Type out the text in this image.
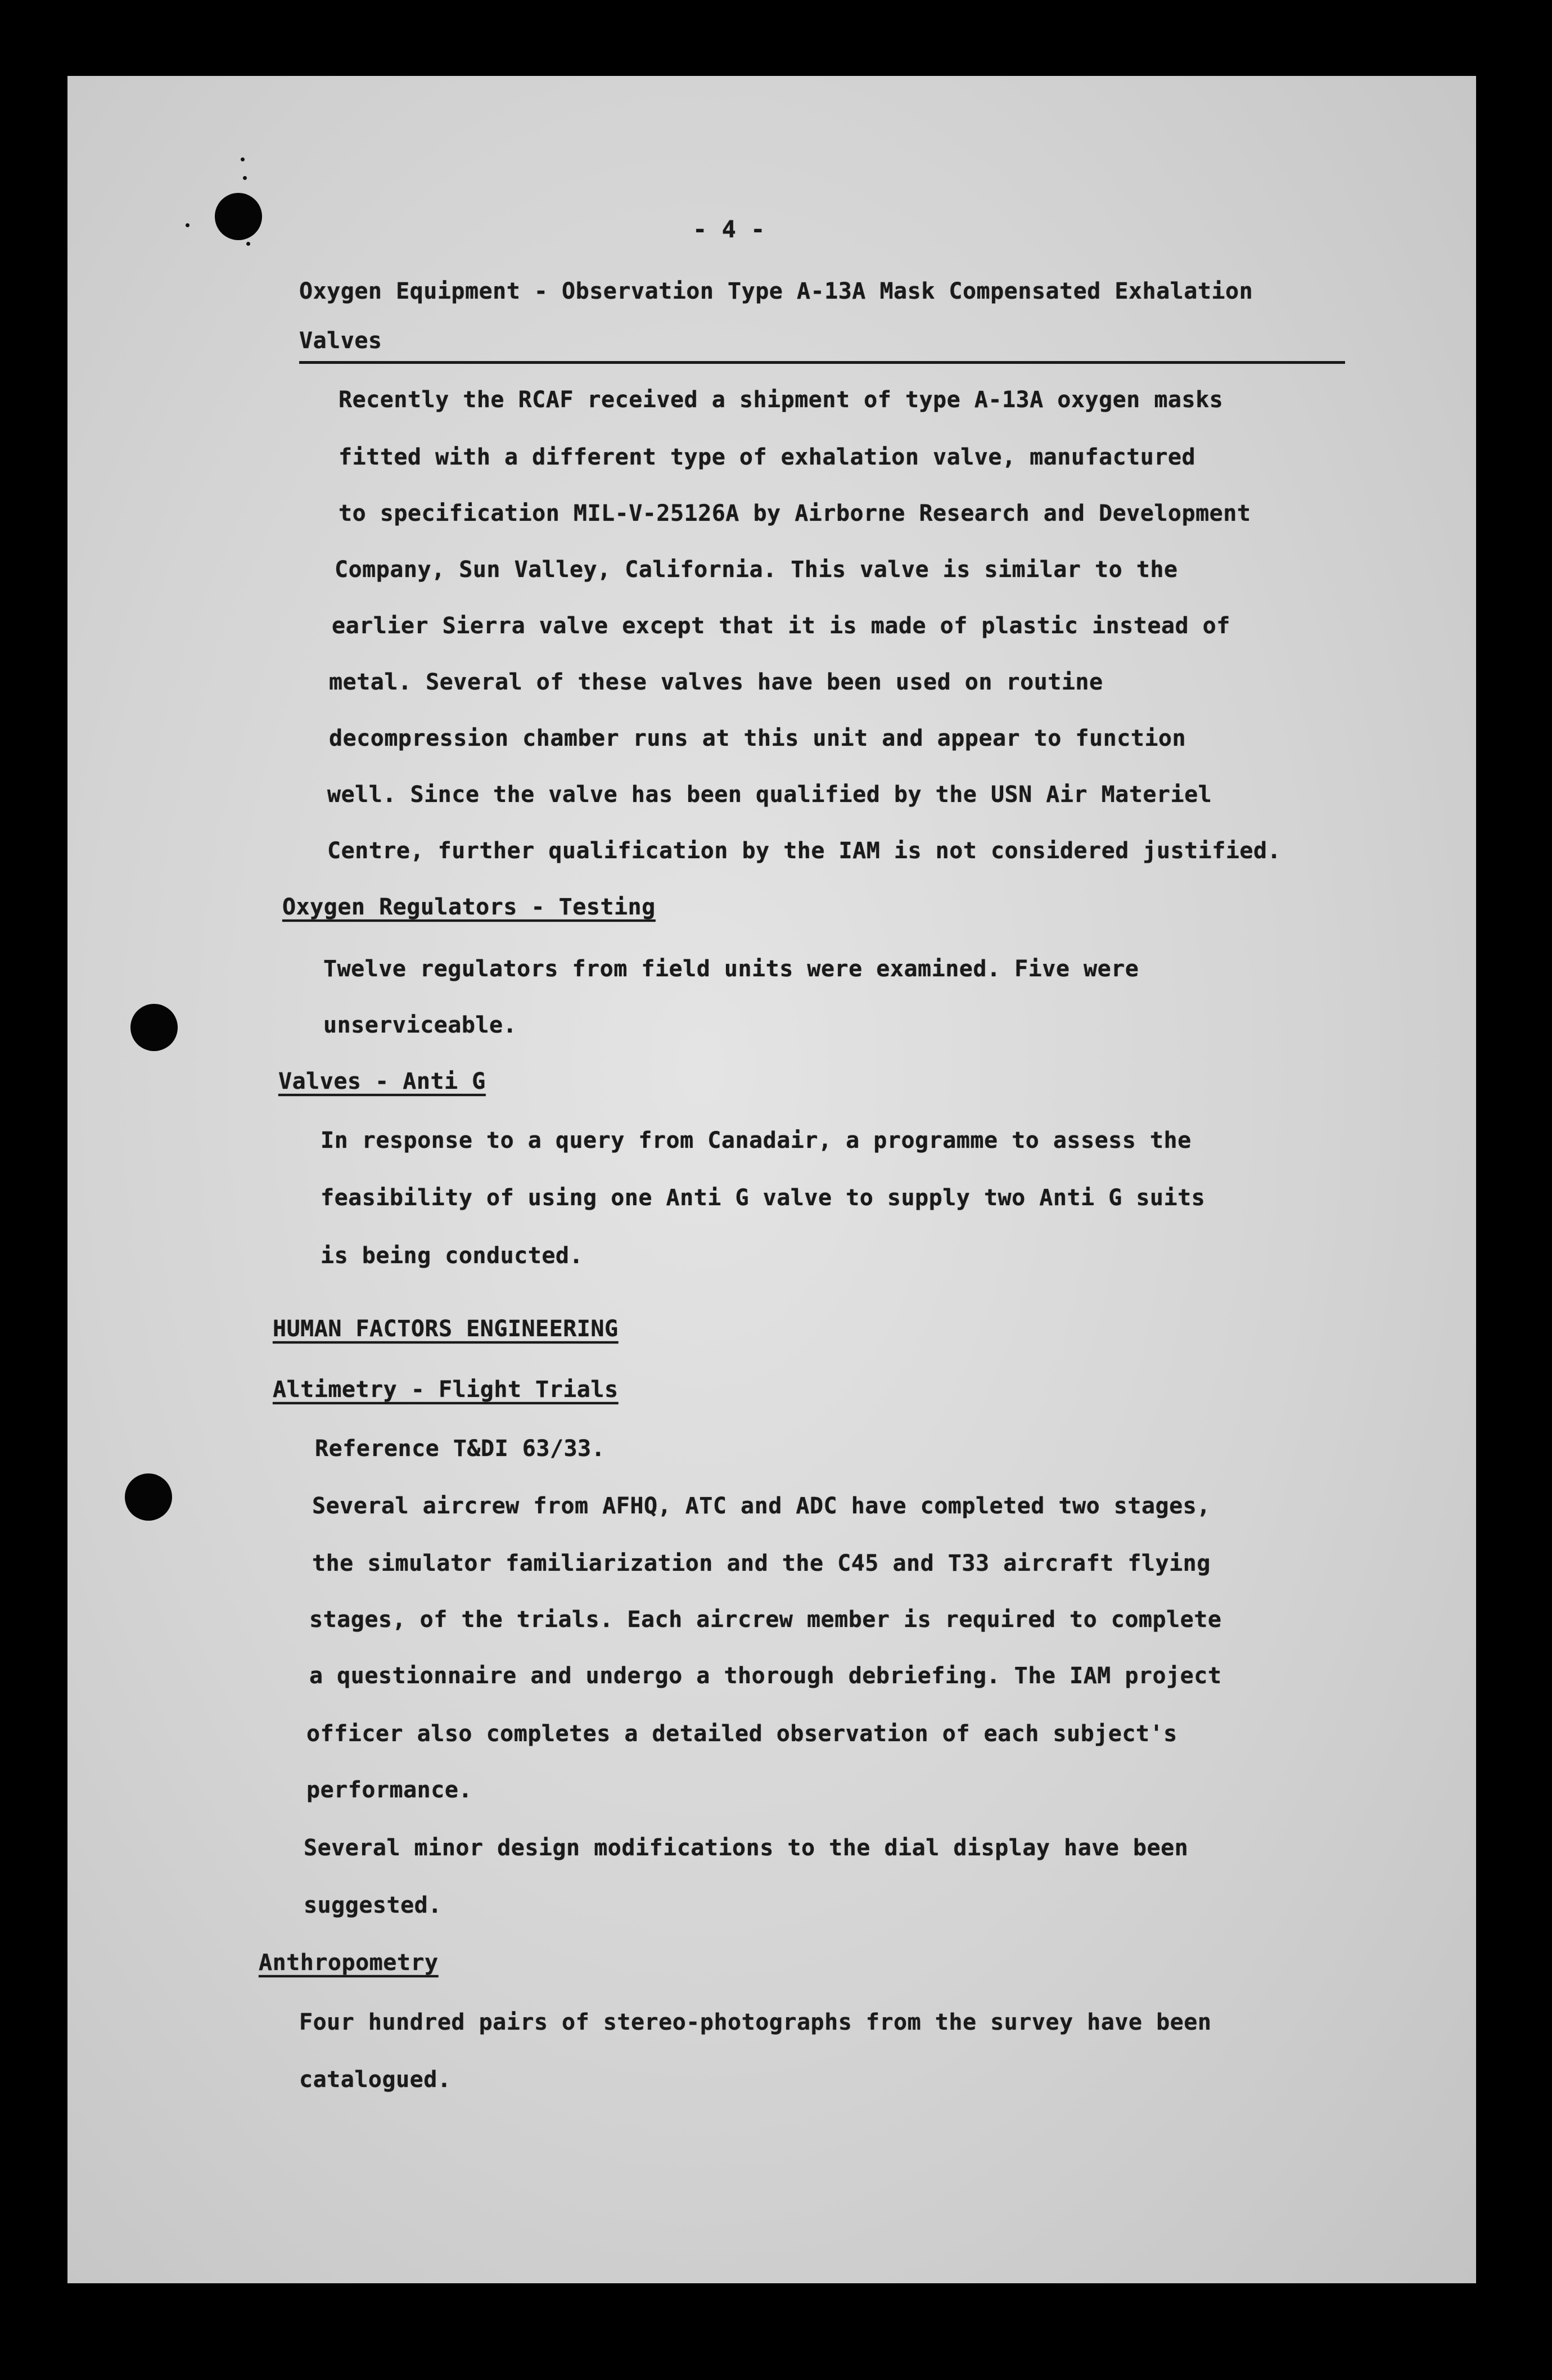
- 4 -
Oxygen Equipment - Observation Type A-13A Mask Compensated Exhalation
Valves
Recently the RCAF received a shipment of type A-13A oxygen masks
fitted with a different type of exhalation valve, manufactured
to specification MIL-V-25126A by Airborne Research and Development
Company, Sun Valley, California. This valve is similar to the
earlier Sierra valve except that it is made of plastic instead of
metal. Several of these valves have been used on routine
decompression chamber runs at this unit and appear to function
well. Since the valve has been qualified by the USN Air Materiel
Centre, further qualification by the IAM is not considered justified.
Oxygen Regulators - Testing
Twelve regulators from field units were examined. Five were
unserviceable.
Valves - Anti G
In response to a query from Canadair, a programme to assess the
feasibility of using one Anti G valve to supply two Anti G suits
is being conducted.
HUMAN FACTORS ENGINEERING
Altimetry - Flight Trials
Reference T&DI 63/33.
Several aircrew from AFHQ, ATC and ADC have completed two stages,
the simulator familiarization and the C45 and T33 aircraft flying
stages, of the trials. Each aircrew member is required to complete
a questionnaire and undergo a thorough debriefing. The IAM project
officer also completes a detailed observation of each subject's
performance.
Several minor design modifications to the dial display have been
suggested.
Anthropometry
Four hundred pairs of stereo-photographs from the survey have been
catalogued.
